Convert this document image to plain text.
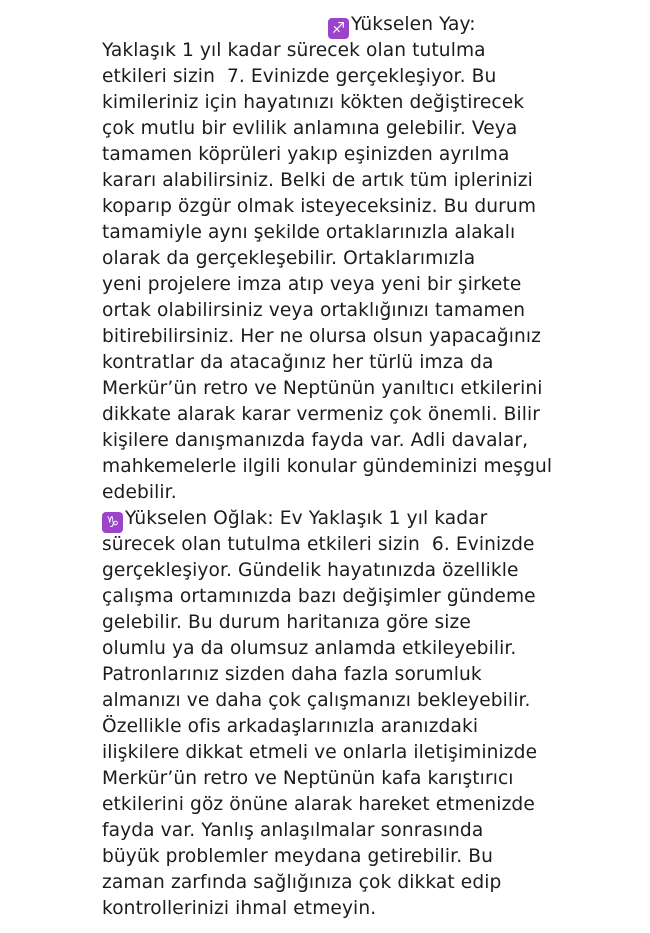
♐ Yükselen Yay:
Yaklaşık 1 yıl kadar sürecek olan tutulma
etkileri sizin  7. Evinizde gerçekleşiyor. Bu
kimileriniz için hayatınızı kökten değiştirecek
çok mutlu bir evlilik anlamına gelebilir. Veya
tamamen köprüleri yakıp eşinizden ayrılma
kararı alabilirsiniz. Belki de artık tüm iplerinizi
koparıp özgür olmak isteyeceksiniz. Bu durum
tamamiyle aynı şekilde ortaklarınızla alakalı
olarak da gerçekleşebilir. Ortaklarımızla
yeni projelere imza atıp veya yeni bir şirkete
ortak olabilirsiniz veya ortaklığınızı tamamen
bitirebilirsiniz. Her ne olursa olsun yapacağınız
kontratlar da atacağınız her türlü imza da
Merkür’ün retro ve Neptünün yanıltıcı etkilerini
dikkate alarak karar vermeniz çok önemli. Bilir
kişilere danışmanızda fayda var. Adli davalar,
mahkemelerle ilgili konular gündeminizi meşgul
edebilir.
♑ Yükselen Oğlak: Ev Yaklaşık 1 yıl kadar
sürecek olan tutulma etkileri sizin  6. Evinizde
gerçekleşiyor. Gündelik hayatınızda özellikle
çalışma ortamınızda bazı değişimler gündeme
gelebilir. Bu durum haritanıza göre size
olumlu ya da olumsuz anlamda etkileyebilir.
Patronlarınız sizden daha fazla sorumluk
almanızı ve daha çok çalışmanızı bekleyebilir.
Özellikle ofis arkadaşlarınızla aranızdaki
ilişkilere dikkat etmeli ve onlarla iletişiminizde
Merkür’ün retro ve Neptünün kafa karıştırıcı
etkilerini göz önüne alarak hareket etmenizde
fayda var. Yanlış anlaşılmalar sonrasında
büyük problemler meydana getirebilir. Bu
zaman zarfında sağlığınıza çok dikkat edip
kontrollerinizi ihmal etmeyin.
